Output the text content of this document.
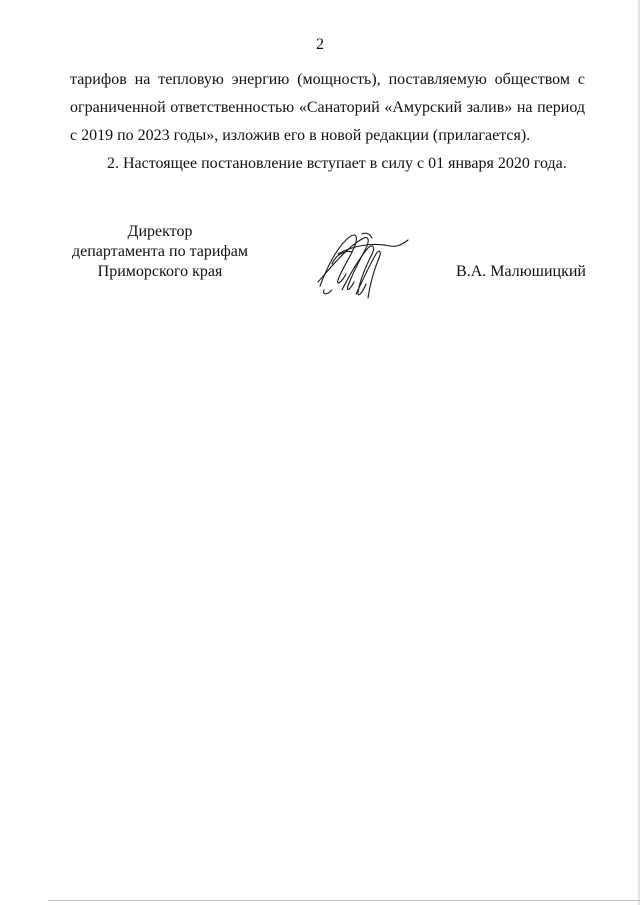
2

тарифов на тепловую энергию (мощность), поставляемую обществом с
ограниченной ответственностью «Санаторий «Амурский залив» на период
с 2019 по 2023 годы», изложив его в новой редакции (прилагается).

2. Настоящее постановление вступает в силу с 01 января 2020 года.

Директор
департамента по тарифам
Приморского края	В.А. Малюшицкий
